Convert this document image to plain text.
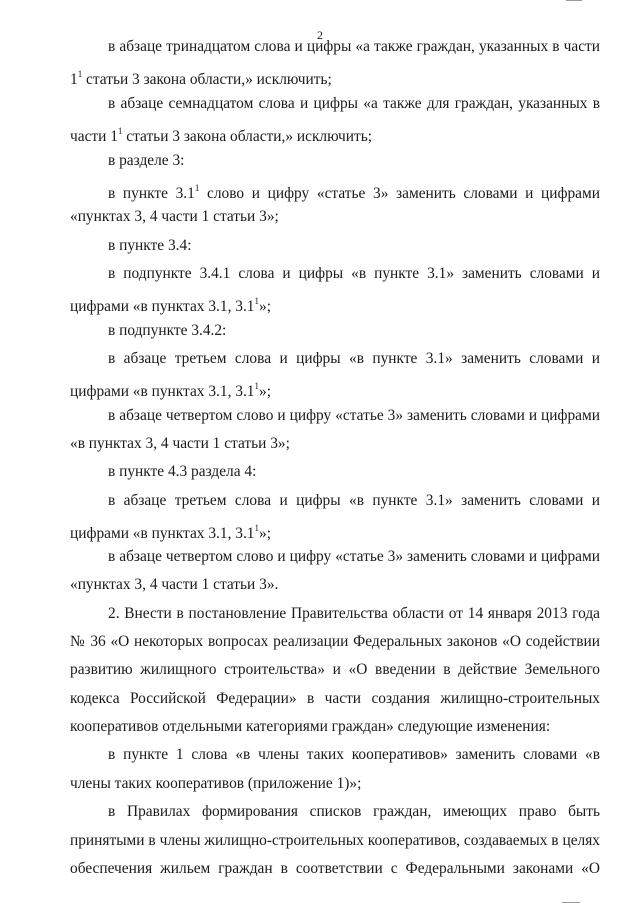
2
в абзаце тринадцатом слова и цифры «а также граждан, указанных в части
$1^1$ статьи 3 закона области,» исключить;
в абзаце семнадцатом слова и цифры «а также для граждан, указанных в
части $1^1$ статьи 3 закона области,» исключить;
в разделе 3:
в пункте $3.1^1$ слово и цифру «статье 3» заменить словами и цифрами
«пунктах 3, 4 части 1 статьи 3»;
в пункте 3.4:
в подпункте 3.4.1 слова и цифры «в пункте 3.1» заменить словами и
цифрами «в пунктах 3.1, $3.1^1$»;
в подпункте 3.4.2:
в абзаце третьем слова и цифры «в пункте 3.1» заменить словами и
цифрами «в пунктах 3.1, $3.1^1$»;
в абзаце четвертом слово и цифру «статье 3» заменить словами и цифрами
«в пунктах 3, 4 части 1 статьи 3»;
в пункте 4.3 раздела 4:
в абзаце третьем слова и цифры «в пункте 3.1» заменить словами и
цифрами «в пунктах 3.1, $3.1^1$»;
в абзаце четвертом слово и цифру «статье 3» заменить словами и цифрами
«пунктах 3, 4 части 1 статьи 3».
2. Внести в постановление Правительства области от 14 января 2013 года
№ 36 «О некоторых вопросах реализации Федеральных законов «О содействии
развитию жилищного строительства» и «О введении в действие Земельного
кодекса Российской Федерации» в части создания жилищно-строительных
кооперативов отдельными категориями граждан» следующие изменения:
в пункте 1 слова «в члены таких кооперативов» заменить словами «в
члены таких кооперативов (приложение 1)»;
в Правилах формирования списков граждан, имеющих право быть
принятыми в члены жилищно-строительных кооперативов, создаваемых в целях
обеспечения жильем граждан в соответствии с Федеральными законами «О
